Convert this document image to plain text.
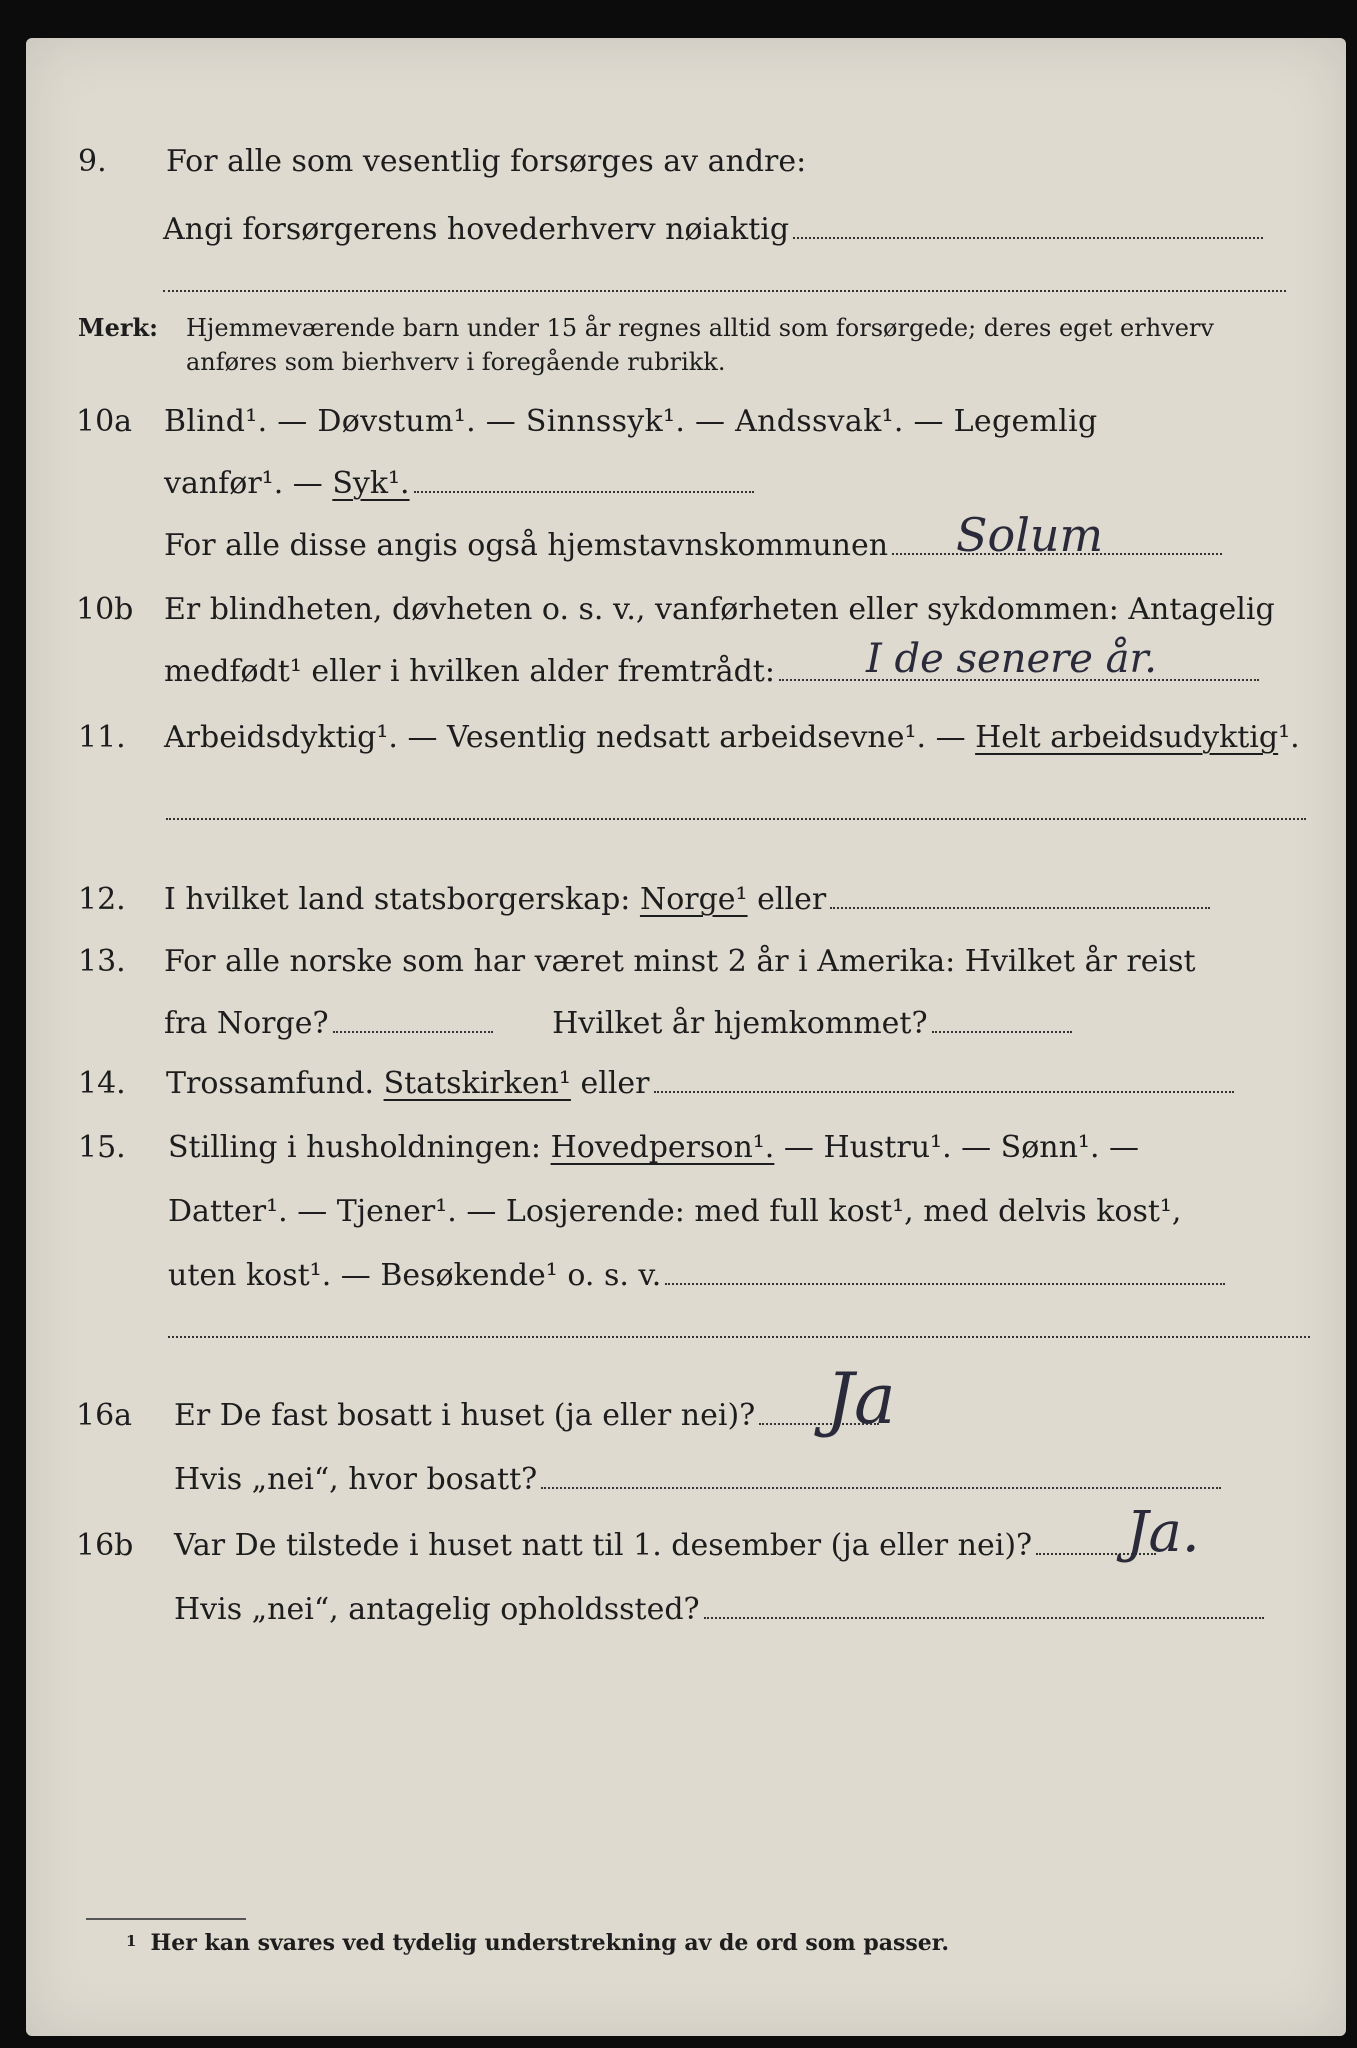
9.	For alle som vesentlig forsørges av andre:
Angi forsørgerens hovederhverv nøiaktig
Merk: Hjemmeværende barn under 15 år regnes alltid som forsørgede; deres eget erhverv
anføres som bierhverv i foregående rubrikk.
10a	Blind¹. — Døvstum¹. — Sinnssyk¹. — Andssvak¹. — Legemlig
vanfør¹. — Syk¹.
For alle disse angis også hjemstavnskommunen	Solum
10b	Er blindheten, døvheten o. s. v., vanførheten eller sykdommen: Antagelig
medfødt¹ eller i hvilken alder fremtrådt:	I de senere år.
11.	Arbeidsdyktig¹. — Vesentlig nedsatt arbeidsevne¹. — Helt arbeidsudyktig¹.
12.	I hvilket land statsborgerskap: Norge¹ eller
13.	For alle norske som har været minst 2 år i Amerika: Hvilket år reist
fra Norge?	Hvilket år hjemkommet?
14.	Trossamfund. Statskirken¹ eller
15.	Stilling i husholdningen: Hovedperson¹. — Hustru¹. — Sønn¹. —
Datter¹. — Tjener¹. — Losjerende: med full kost¹, med delvis kost¹,
uten kost¹. — Besøkende¹ o. s. v.
16a	Er De fast bosatt i huset (ja eller nei)?	Ja
Hvis „nei“, hvor bosatt?
16b	Var De tilstede i huset natt til 1. desember (ja eller nei)?	Ja.
Hvis „nei“, antagelig opholdssted?
1 Her kan svares ved tydelig understrekning av de ord som passer.
